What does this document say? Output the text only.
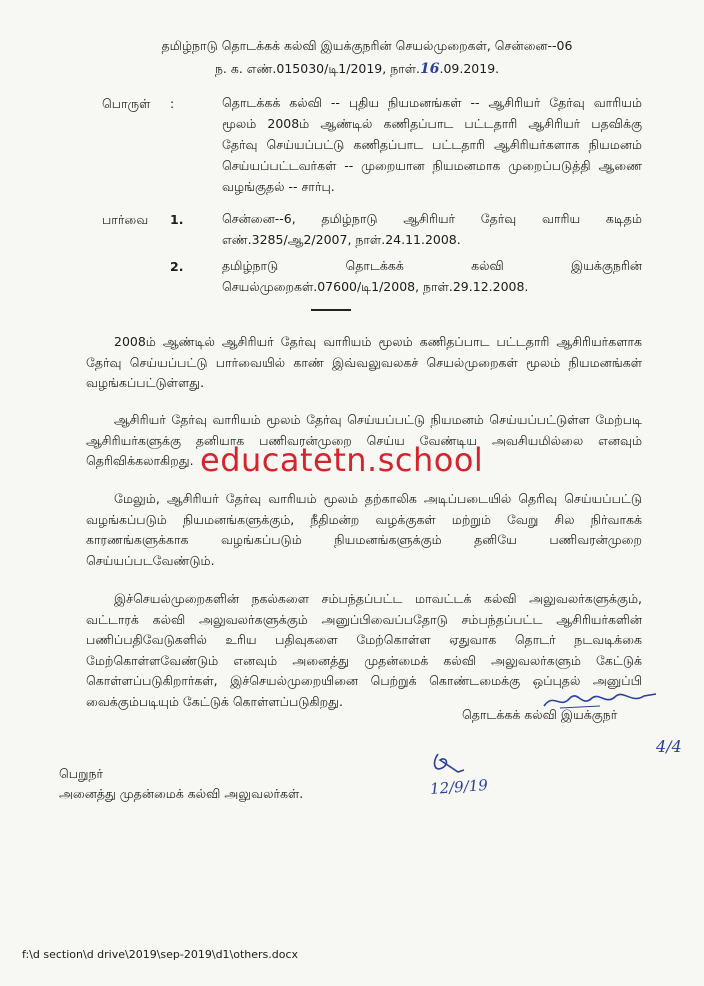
தமிழ்நாடு தொடக்கக் கல்வி இயக்குநரின் செயல்முறைகள், சென்னை--06
ந. க. எண்.015030/டி1/2019, நாள்.16.09.2019.
பொருள் :	தொடக்கக் கல்வி -- புதிய நியமனங்கள் -- ஆசிரியர் தேர்வு வாரியம்
மூலம் 2008ம் ஆண்டில் கணிதப்பாட பட்டதாரி ஆசிரியர் பதவிக்கு
தேர்வு செய்யப்பட்டு கணிதப்பாட பட்டதாரி ஆசிரியர்களாக நியமனம்
செய்யப்பட்டவர்கள் -- முறையான நியமனமாக முறைப்படுத்தி ஆணை
வழங்குதல் -- சார்பு.
பார்வை 1.	சென்னை--6, தமிழ்நாடு ஆசிரியர் தேர்வு வாரிய கடிதம்
எண்.3285/ஆ2/2007, நாள்.24.11.2008.
2.	தமிழ்நாடு தொடக்கக் கல்வி இயக்குநரின்
செயல்முறைகள்.07600/டி1/2008, நாள்.29.12.2008.
2008ம் ஆண்டில் ஆசிரியர் தேர்வு வாரியம் மூலம் கணிதப்பாட பட்டதாரி ஆசிரியர்களாக
தேர்வு செய்யப்பட்டு பார்வையில் காண் இவ்வலுவலகச் செயல்முறைகள் மூலம் நியமனங்கள்
வழங்கப்பட்டுள்ளது.
ஆசிரியர் தேர்வு வாரியம் மூலம் தேர்வு செய்யப்பட்டு நியமனம் செய்யப்பட்டுள்ள மேற்படி
ஆசிரியர்களுக்கு தனியாக பணிவரன்முறை செய்ய வேண்டிய அவசியமில்லை எனவும்
தெரிவிக்கலாகிறது. educatetn.school
மேலும், ஆசிரியர் தேர்வு வாரியம் மூலம் தற்காலிக அடிப்படையில் தெரிவு செய்யப்பட்டு
வழங்கப்படும் நியமனங்களுக்கும், நீதிமன்ற வழக்குகள் மற்றும் வேறு சில நிர்வாகக்
காரணங்களுக்காக வழங்கப்படும் நியமனங்களுக்கும் தனியே பணிவரன்முறை
செய்யப்படவேண்டும்.
இச்செயல்முறைகளின் நகல்களை சம்பந்தப்பட்ட மாவட்டக் கல்வி அலுவலர்களுக்கும்,
வட்டாரக் கல்வி அலுவலர்களுக்கும் அனுப்பிவைப்பதோடு சம்பந்தப்பட்ட ஆசிரியர்களின்
பணிப்பதிவேடுகளில் உரிய பதிவுகளை மேற்கொள்ள ஏதுவாக தொடர் நடவடிக்கை
மேற்கொள்ளவேண்டும் எனவும் அனைத்து முதன்மைக் கல்வி அலுவலர்களும் கேட்டுக்
கொள்ளப்படுகிறார்கள், இச்செயல்முறையினை பெற்றுக் கொண்டமைக்கு ஒப்புதல் அனுப்பி
வைக்கும்படியும் கேட்டுக் கொள்ளப்படுகிறது.
தொடக்கக் கல்வி இயக்குநர்
4/4
12/9/19
பெறுநர்
அனைத்து முதன்மைக் கல்வி அலுவலர்கள்.
f:\d section\d drive\2019\sep-2019\d1\others.docx
